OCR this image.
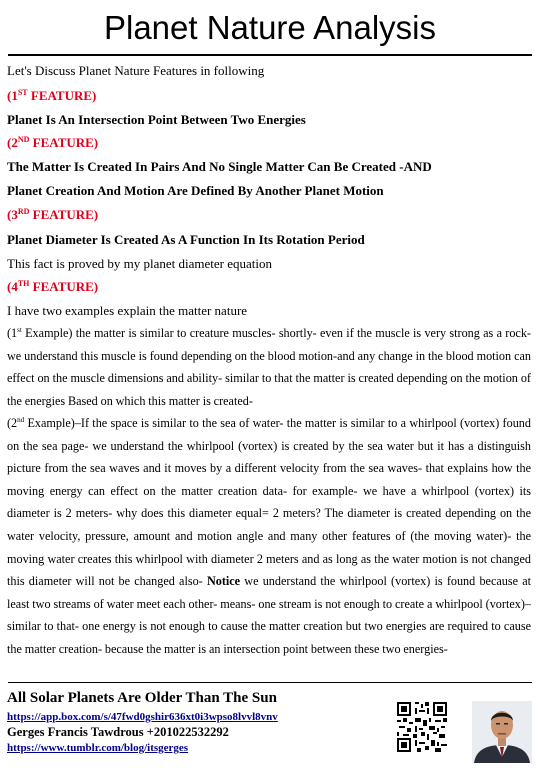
Planet Nature Analysis
Let's Discuss Planet Nature Features in following
(1ST FEATURE)
Planet Is An Intersection Point Between Two Energies
(2ND FEATURE)
The Matter Is Created In Pairs And No Single Matter Can Be Created -AND
Planet Creation And Motion Are Defined By Another Planet Motion
(3RD FEATURE)
Planet Diameter Is Created As A Function In Its Rotation Period
This fact is proved by my planet diameter equation
(4TH FEATURE)
I have two examples explain the matter nature
(1st Example) the matter is similar to creature muscles- shortly- even if the muscle is very strong as a rock- we understand this muscle is found depending on the blood motion-and any change in the blood motion can effect on the muscle dimensions and ability- similar to that the matter is created depending on the motion of the energies Based on which this matter is created-
(2nd Example)–If the space is similar to the sea of water- the matter is similar to a whirlpool (vortex) found on the sea page- we understand the whirlpool (vortex) is created by the sea water but it has a distinguish picture from the sea waves and it moves by a different velocity from the sea waves- that explains how the moving energy can effect on the matter creation data- for example- we have a whirlpool (vortex) its diameter is 2 meters- why does this diameter equal= 2 meters? The diameter is created depending on the water velocity, pressure, amount and motion angle and many other features of (the moving water)- the moving water creates this whirlpool with diameter 2 meters and as long as the water motion is not changed this diameter will not be changed also- Notice we understand the whirlpool (vortex) is found because at least two streams of water meet each other- means- one stream is not enough to create a whirlpool (vortex)– similar to that- one energy is not enough to cause the matter creation but two energies are required to cause the matter creation- because the matter is an intersection point between these two energies-
All Solar Planets Are Older Than The Sun
https://app.box.com/s/47fwd0gshir636xt0i3wpso8lvvl8vnv
Gerges Francis Tawdrous +201022532292
https://www.tumblr.com/blog/itsgerges
